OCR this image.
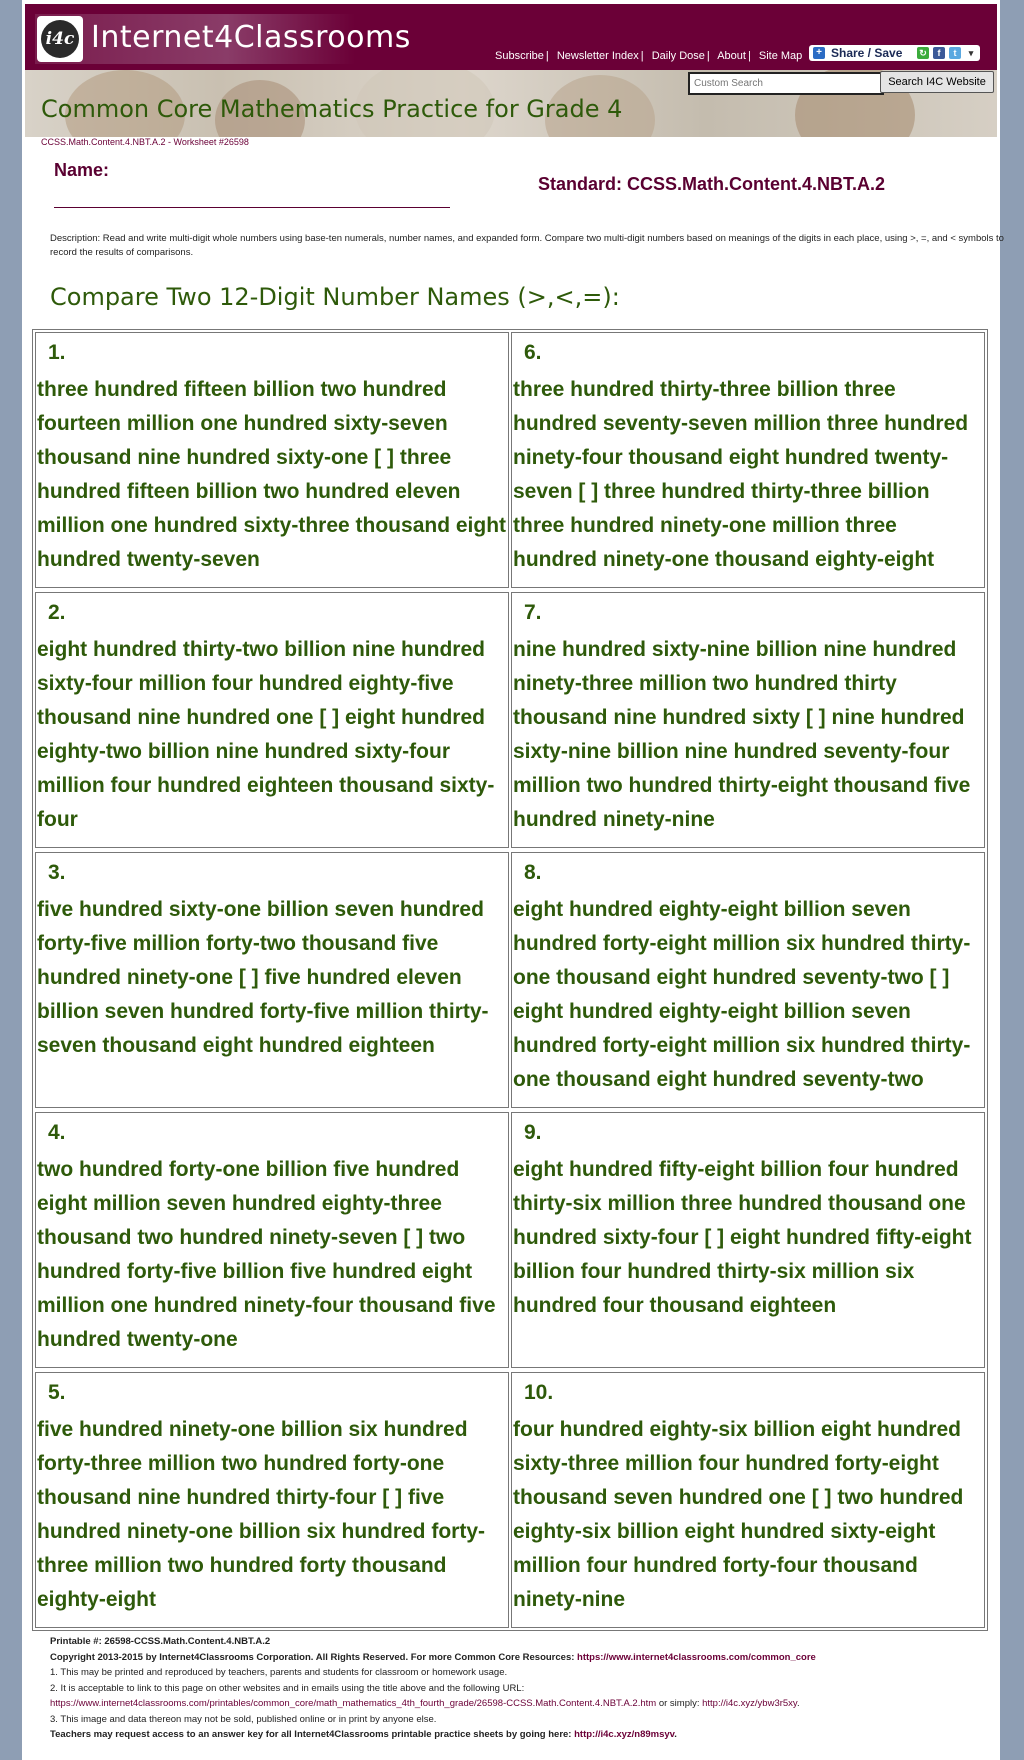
i4c Internet4Classrooms
Subscribe | Newsletter Index | Daily Dose | About | Site Map	+ Share / Save ↻	f	t	▾
Custom Search
Search I4C Website
Common Core Mathematics Practice for Grade 4
CCSS.Math.Content.4.NBT.A.2 - Worksheet #26598
Name:
Standard: CCSS.Math.Content.4.NBT.A.2
Description: Read and write multi-digit whole numbers using base-ten numerals, number names, and expanded form. Compare two multi-digit numbers based on meanings of the digits in each place, using >, =, and < symbols to record the results of comparisons.
Compare Two 12-Digit Number Names (>,<,=):
1.
three hundred fifteen billion two hundred fourteen million one hundred sixty-seven thousand nine hundred sixty-one [ ] three hundred fifteen billion two hundred eleven million one hundred sixty-three thousand eight hundred twenty-seven
6.
three hundred thirty-three billion three hundred seventy-seven million three hundred ninety-four thousand eight hundred twenty-seven [ ] three hundred thirty-three billion three hundred ninety-one million three hundred ninety-one thousand eighty-eight
2.
eight hundred thirty-two billion nine hundred sixty-four million four hundred eighty-five thousand nine hundred one [ ] eight hundred eighty-two billion nine hundred sixty-four million four hundred eighteen thousand sixty-four
7.
nine hundred sixty-nine billion nine hundred ninety-three million two hundred thirty thousand nine hundred sixty [ ] nine hundred sixty-nine billion nine hundred seventy-four million two hundred thirty-eight thousand five hundred ninety-nine
3.
five hundred sixty-one billion seven hundred forty-five million forty-two thousand five hundred ninety-one [ ] five hundred eleven billion seven hundred forty-five million thirty-seven thousand eight hundred eighteen
8.
eight hundred eighty-eight billion seven hundred forty-eight million six hundred thirty-one thousand eight hundred seventy-two [ ] eight hundred eighty-eight billion seven hundred forty-eight million six hundred thirty-one thousand eight hundred seventy-two
4.
two hundred forty-one billion five hundred eight million seven hundred eighty-three thousand two hundred ninety-seven [ ] two hundred forty-five billion five hundred eight million one hundred ninety-four thousand five hundred twenty-one
9.
eight hundred fifty-eight billion four hundred thirty-six million three hundred thousand one hundred sixty-four [ ] eight hundred fifty-eight billion four hundred thirty-six million six hundred four thousand eighteen
5.
five hundred ninety-one billion six hundred forty-three million two hundred forty-one thousand nine hundred thirty-four [ ] five hundred ninety-one billion six hundred forty-three million two hundred forty thousand eighty-eight
10.
four hundred eighty-six billion eight hundred sixty-three million four hundred forty-eight thousand seven hundred one [ ] two hundred eighty-six billion eight hundred sixty-eight million four hundred forty-four thousand ninety-nine
Printable #: 26598-CCSS.Math.Content.4.NBT.A.2
Copyright 2013-2015 by Internet4Classrooms Corporation. All Rights Reserved. For more Common Core Resources: https://www.internet4classrooms.com/common_core
1. This may be printed and reproduced by teachers, parents and students for classroom or homework usage.
2. It is acceptable to link to this page on other websites and in emails using the title above and the following URL:
https://www.internet4classrooms.com/printables/common_core/math_mathematics_4th_fourth_grade/26598-CCSS.Math.Content.4.NBT.A.2.htm or simply: http://i4c.xyz/ybw3r5xy.
3. This image and data thereon may not be sold, published online or in print by anyone else.
Teachers may request access to an answer key for all Internet4Classrooms printable practice sheets by going here: http://i4c.xyz/n89msyv.
